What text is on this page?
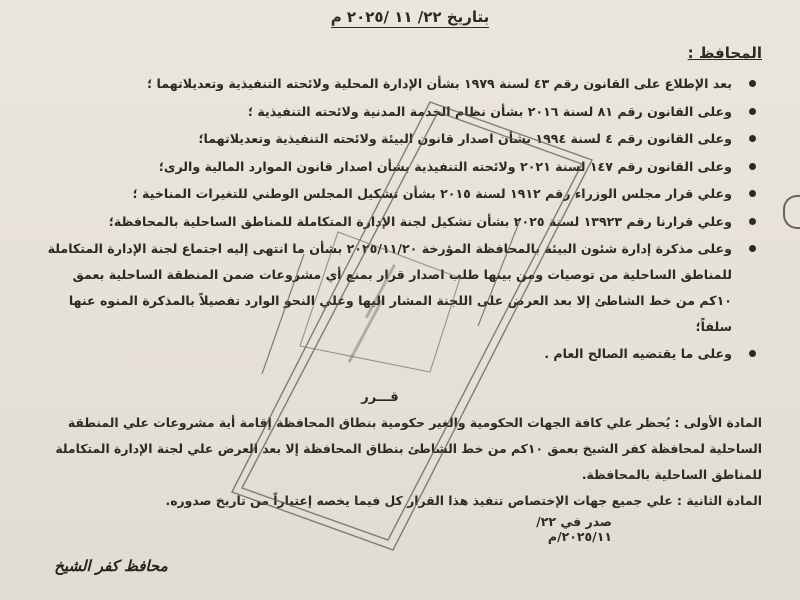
بتاريخ ٢٢/ ١١ /٢٠٢٥ م
المحافظ :
بعد الإطلاع على القانون رقم ٤٣ لسنة ١٩٧٩ بشأن الإدارة المحلية ولائحته التنفيذية وتعديلاتهما ؛
وعلى القانون رقم ٨١ لسنة ٢٠١٦ بشأن نظام الخدمة المدنية ولائحته التنفيذية ؛
وعلى القانون رقم ٤ لسنة ١٩٩٤ بشأن اصدار قانون البيئة ولائحته التنفيذية وتعديلاتهما؛
وعلى القانون رقم ١٤٧ لسنة ٢٠٢١ ولائحته التنفيذية بشأن اصدار قانون الموارد المالية والرى؛
وعلي قرار مجلس الوزراء رقم ١٩١٢ لسنة ٢٠١٥ بشأن تشكيل المجلس الوطني للتغيرات المناخية ؛
وعلي قرارنا رقم ١٣٩٢٣ لسنة ٢٠٢٥ بشأن تشكيل لجنة الإدارة المتكاملة للمناطق الساحلية بالمحافظة؛
وعلى مذكرة إدارة شئون البيئة بالمحافظة المؤرخة ٢٠٢٥/١١/٢٠ بشأن ما انتهى إليه اجتماع لجنة الإدارة المتكاملة للمناطق الساحلية من توصيات ومن بينها طلب اصدار قرار بمنع أي مشروعات ضمن المنطقة الساحلية بعمق ١٠كم من خط الشاطئ إلا بعد العرض على اللجنة المشار اليها وعلي النحو الوارد تفصيلاً بالمذكرة المنوه عنها سلفاً؛
وعلى ما يقتضيه الصالح العام .
قـــرر
المادة الأولى : يُحظر علي كافة الجهات الحكومية والغير حكومية بنطاق المحافظة إقامة أية مشروعات علي المنطقة الساحلية لمحافظة كفر الشيخ بعمق ١٠كم من خط الشاطئ بنطاق المحافظة إلا بعد العرض علي لجنة الإدارة المتكاملة للمناطق الساحلية بالمحافظة.
المادة الثانية : علي جميع جهات الإختصاص تنفيذ هذا القرار كل فيما يخصه إعتباراً من تاريخ صدوره.
صدر في ٢٢/
٢٠٢٥/١١/م
محافظ كفر الشيخ
